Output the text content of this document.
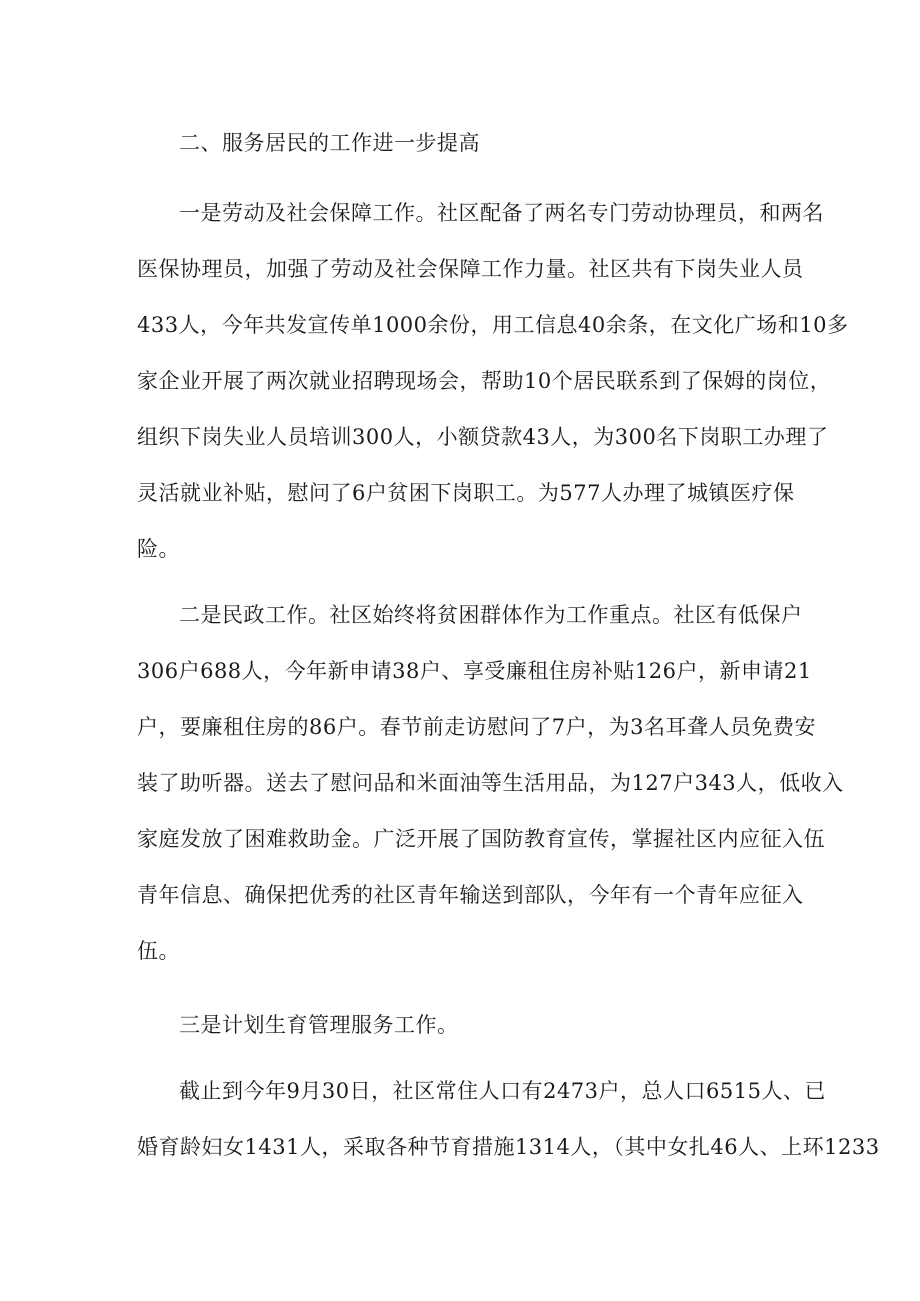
二、服务居民的工作进一步提高
一是劳动及社会保障工作。社区配备了两名专门劳动协理员，和两名
医保协理员，加强了劳动及社会保障工作力量。社区共有下岗失业人员
433人，今年共发宣传单1000余份，用工信息40余条，在文化广场和10多
家企业开展了两次就业招聘现场会，帮助10个居民联系到了保姆的岗位，
组织下岗失业人员培训300人，小额贷款43人，为300名下岗职工办理了
灵活就业补贴，慰问了6户贫困下岗职工。为577人办理了城镇医疗保
险。
二是民政工作。社区始终将贫困群体作为工作重点。社区有低保户
306户688人，今年新申请38户、享受廉租住房补贴126户，新申请21
户，要廉租住房的86户。春节前走访慰问了7户，为3名耳聋人员免费安
装了助听器。送去了慰问品和米面油等生活用品，为127户343人，低收入
家庭发放了困难救助金。广泛开展了国防教育宣传，掌握社区内应征入伍
青年信息、确保把优秀的社区青年输送到部队，今年有一个青年应征入
伍。
三是计划生育管理服务工作。
截止到今年9月30日，社区常住人口有2473户，总人口6515人、已
婚育龄妇女1431人，采取各种节育措施1314人，（其中女扎46人、上环1233
